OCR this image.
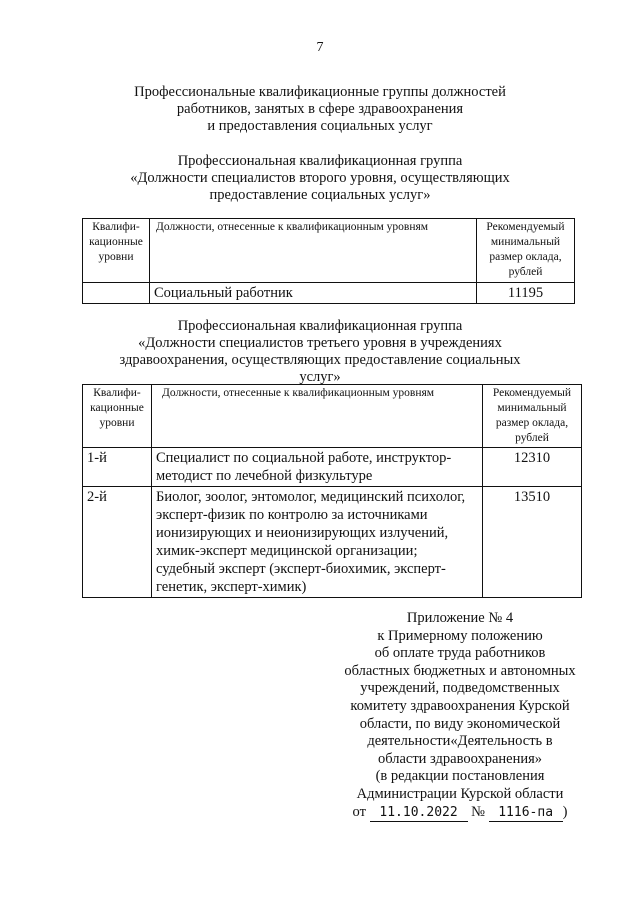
7
Профессиональные квалификационные группы должностей
работников, занятых в сфере здравоохранения
и предоставления социальных услуг
Профессиональная квалификационная группа
«Должности специалистов второго уровня, осуществляющих
предоставление социальных услуг»
Квалифи-кационные уровни	Должности, отнесенные к квалификационным уровням	Рекомендуемый минимальный размер оклада, рублей
	Социальный работник	11195
Профессиональная квалификационная группа
«Должности специалистов третьего уровня в учреждениях
здравоохранения, осуществляющих предоставление социальных
услуг»
Квалифи-кационные уровни	Должности, отнесенные к квалификационным уровням	Рекомендуемый минимальный размер оклада, рублей
1-й	Специалист по социальной работе, инструктор-методист по лечебной физкультуре	12310
2-й	Биолог, зоолог, энтомолог, медицинский психолог, эксперт-физик по контролю за источниками ионизирующих и неионизирующих излучений, химик-эксперт медицинской организации; судебный эксперт (эксперт-биохимик, эксперт-генетик, эксперт-химик)	13510
Приложение № 4
к Примерному положению
об оплате труда работников
областных бюджетных и автономных
учреждений, подведомственных
комитету здравоохранения Курской
области, по виду экономической
деятельности«Деятельность в
области здравоохранения»
(в редакции постановления
Администрации Курской области
от 11.10.2022 № 1116-па )
